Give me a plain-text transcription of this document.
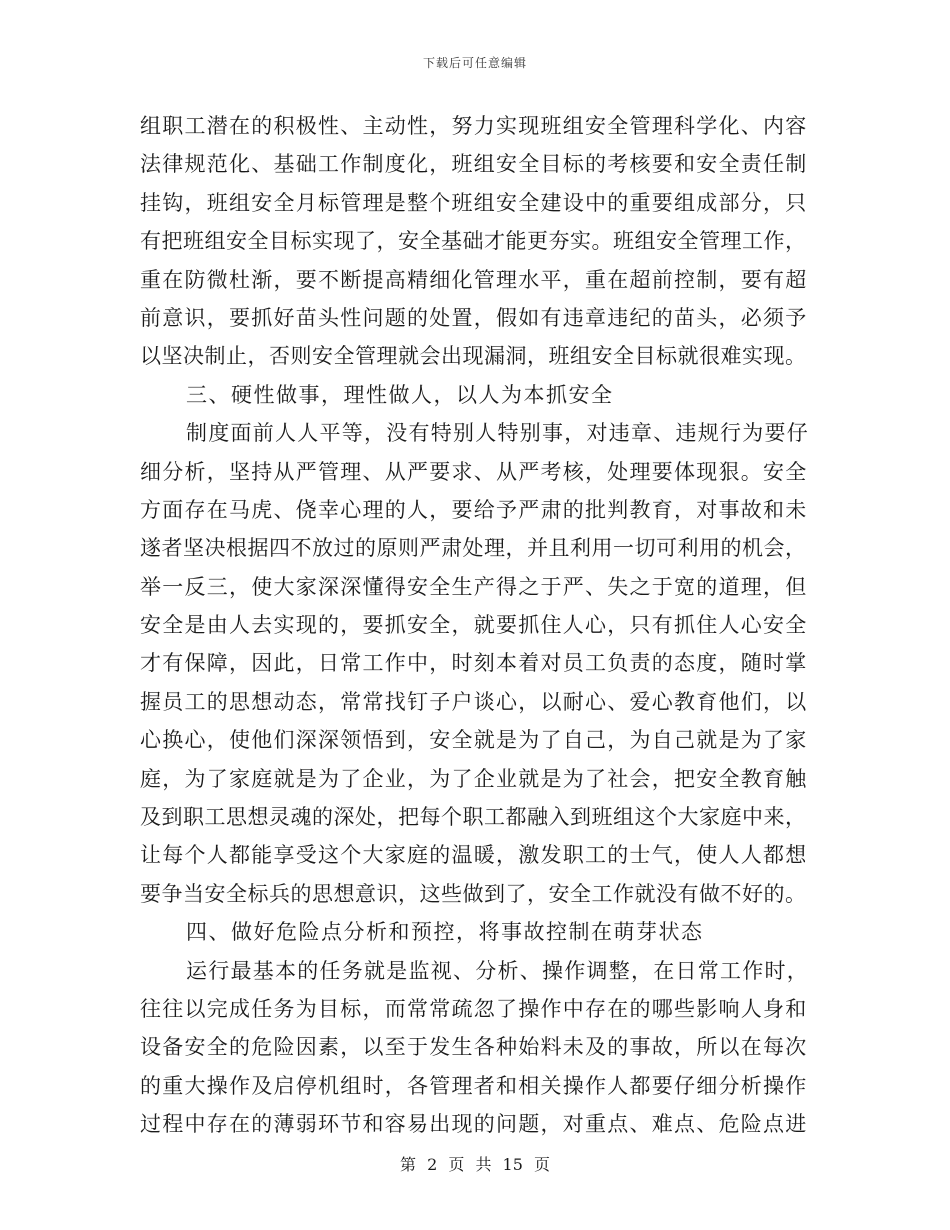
下载后可任意编辑
组职工潜在的积极性、主动性，努力实现班组安全管理科学化、内容
法律规范化、基础工作制度化，班组安全目标的考核要和安全责任制
挂钩，班组安全月标管理是整个班组安全建设中的重要组成部分，只
有把班组安全目标实现了，安全基础才能更夯实。班组安全管理工作，
重在防微杜渐，要不断提高精细化管理水平，重在超前控制，要有超
前意识，要抓好苗头性问题的处置，假如有违章违纪的苗头，必须予
以坚决制止，否则安全管理就会出现漏洞，班组安全目标就很难实现。
三、硬性做事，理性做人，以人为本抓安全
制度面前人人平等，没有特别人特别事，对违章、违规行为要仔
细分析，坚持从严管理、从严要求、从严考核，处理要体现狠。安全
方面存在马虎、侥幸心理的人，要给予严肃的批判教育，对事故和未
遂者坚决根据四不放过的原则严肃处理，并且利用一切可利用的机会，
举一反三，使大家深深懂得安全生产得之于严、失之于宽的道理，但
安全是由人去实现的，要抓安全，就要抓住人心，只有抓住人心安全
才有保障，因此，日常工作中，时刻本着对员工负责的态度，随时掌
握员工的思想动态，常常找钉子户谈心，以耐心、爱心教育他们，以
心换心，使他们深深领悟到，安全就是为了自己，为自己就是为了家
庭，为了家庭就是为了企业，为了企业就是为了社会，把安全教育触
及到职工思想灵魂的深处，把每个职工都融入到班组这个大家庭中来，
让每个人都能享受这个大家庭的温暖，激发职工的士气，使人人都想
要争当安全标兵的思想意识，这些做到了，安全工作就没有做不好的。
四、做好危险点分析和预控，将事故控制在萌芽状态
运行最基本的任务就是监视、分析、操作调整，在日常工作时，
往往以完成任务为目标，而常常疏忽了操作中存在的哪些影响人身和
设备安全的危险因素，以至于发生各种始料未及的事故，所以在每次
的重大操作及启停机组时，各管理者和相关操作人都要仔细分析操作
过程中存在的薄弱环节和容易出现的问题，对重点、难点、危险点进
第 2 页 共 15 页
